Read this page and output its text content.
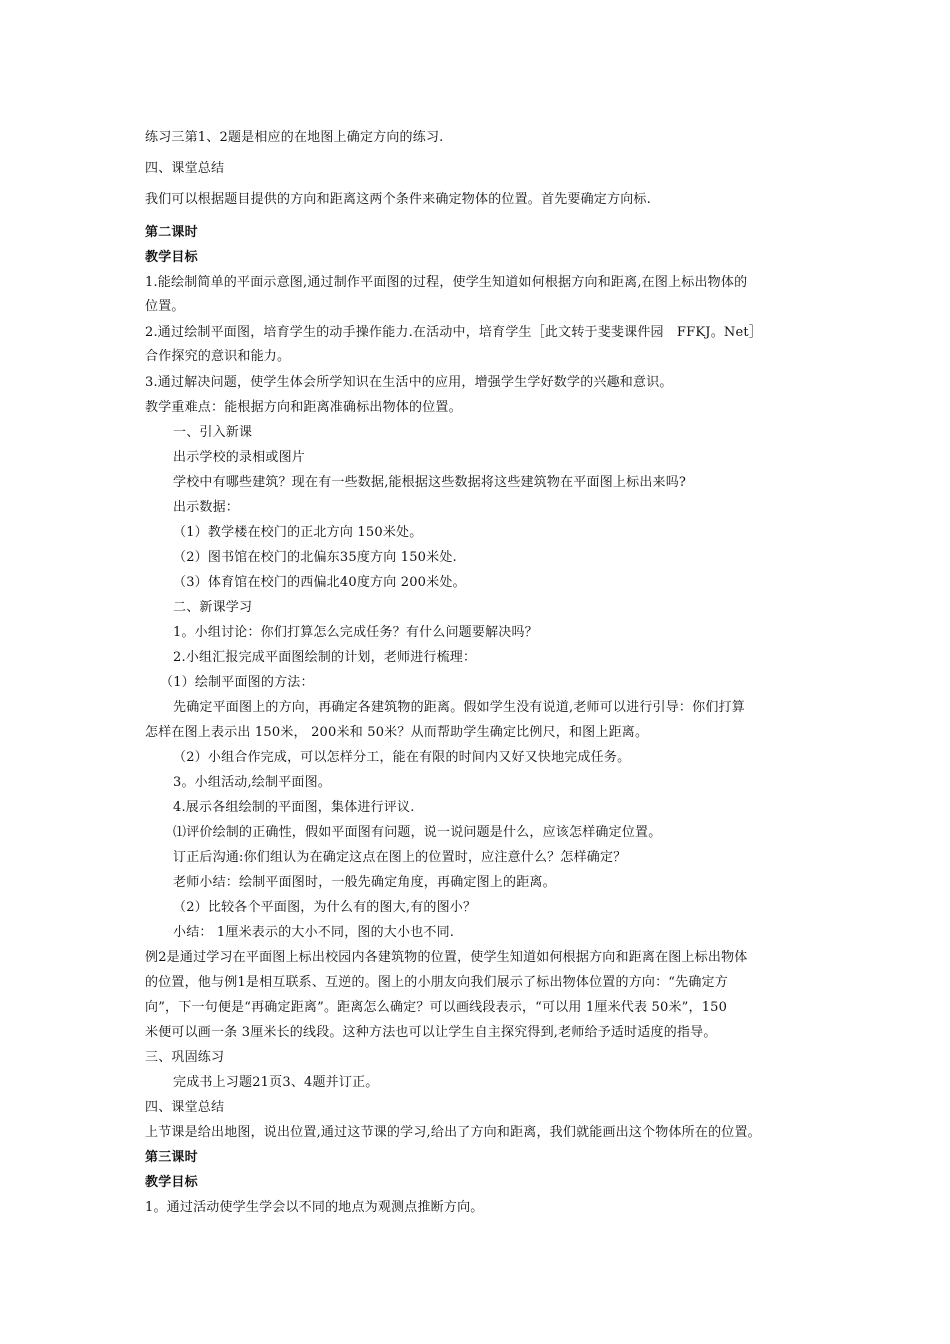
练习三第1、2题是相应的在地图上确定方向的练习.
四、课堂总结
我们可以根据题目提供的方向和距离这两个条件来确定物体的位置。首先要确定方向标.
第二课时
教学目标
1.能绘制简单的平面示意图,通过制作平面图的过程，使学生知道如何根据方向和距离,在图上标出物体的
位置。
2.通过绘制平面图，培育学生的动手操作能力.在活动中，培育学生［此文转于斐斐课件园　FFKJ。Net］
合作探究的意识和能力。
3.通过解决问题，使学生体会所学知识在生活中的应用，增强学生学好数学的兴趣和意识。
教学重难点：能根据方向和距离准确标出物体的位置。
一、引入新课
出示学校的录相或图片
学校中有哪些建筑？现在有一些数据,能根据这些数据将这些建筑物在平面图上标出来吗?
出示数据：
（1）教学楼在校门的正北方向 150米处。
（2）图书馆在校门的北偏东35度方向 150米处.
（3）体育馆在校门的西偏北40度方向 200米处。
二、新课学习
1。小组讨论：你们打算怎么完成任务？有什么问题要解决吗？
2.小组汇报完成平面图绘制的计划，老师进行梳理：
（1）绘制平面图的方法：
先确定平面图上的方向，再确定各建筑物的距离。假如学生没有说道,老师可以进行引导：你们打算
怎样在图上表示出 150米， 200米和 50米？从而帮助学生确定比例尺，和图上距离。
（2）小组合作完成，可以怎样分工，能在有限的时间内又好又快地完成任务。
3。小组活动,绘制平面图。
4.展示各组绘制的平面图，集体进行评议.
⑴评价绘制的正确性，假如平面图有问题，说一说问题是什么，应该怎样确定位置。
订正后沟通:你们组认为在确定这点在图上的位置时，应注意什么？怎样确定？
老师小结：绘制平面图时，一般先确定角度，再确定图上的距离。
（2）比较各个平面图，为什么有的图大,有的图小？
小结： 1厘米表示的大小不同，图的大小也不同.
例2是通过学习在平面图上标出校园内各建筑物的位置，使学生知道如何根据方向和距离在图上标出物体
的位置，他与例1是相互联系、互逆的。图上的小朋友向我们展示了标出物体位置的方向：“先确定方
向”，下一句便是“再确定距离”。距离怎么确定？可以画线段表示，“可以用 1厘米代表 50米”，150
米便可以画一条 3厘米长的线段。这种方法也可以让学生自主探究得到,老师给予适时适度的指导。
三、巩固练习
完成书上习题21页3、4题并订正。
四、课堂总结
上节课是给出地图，说出位置,通过这节课的学习,给出了方向和距离，我们就能画出这个物体所在的位置。
第三课时
教学目标
1。通过活动使学生学会以不同的地点为观测点推断方向。
